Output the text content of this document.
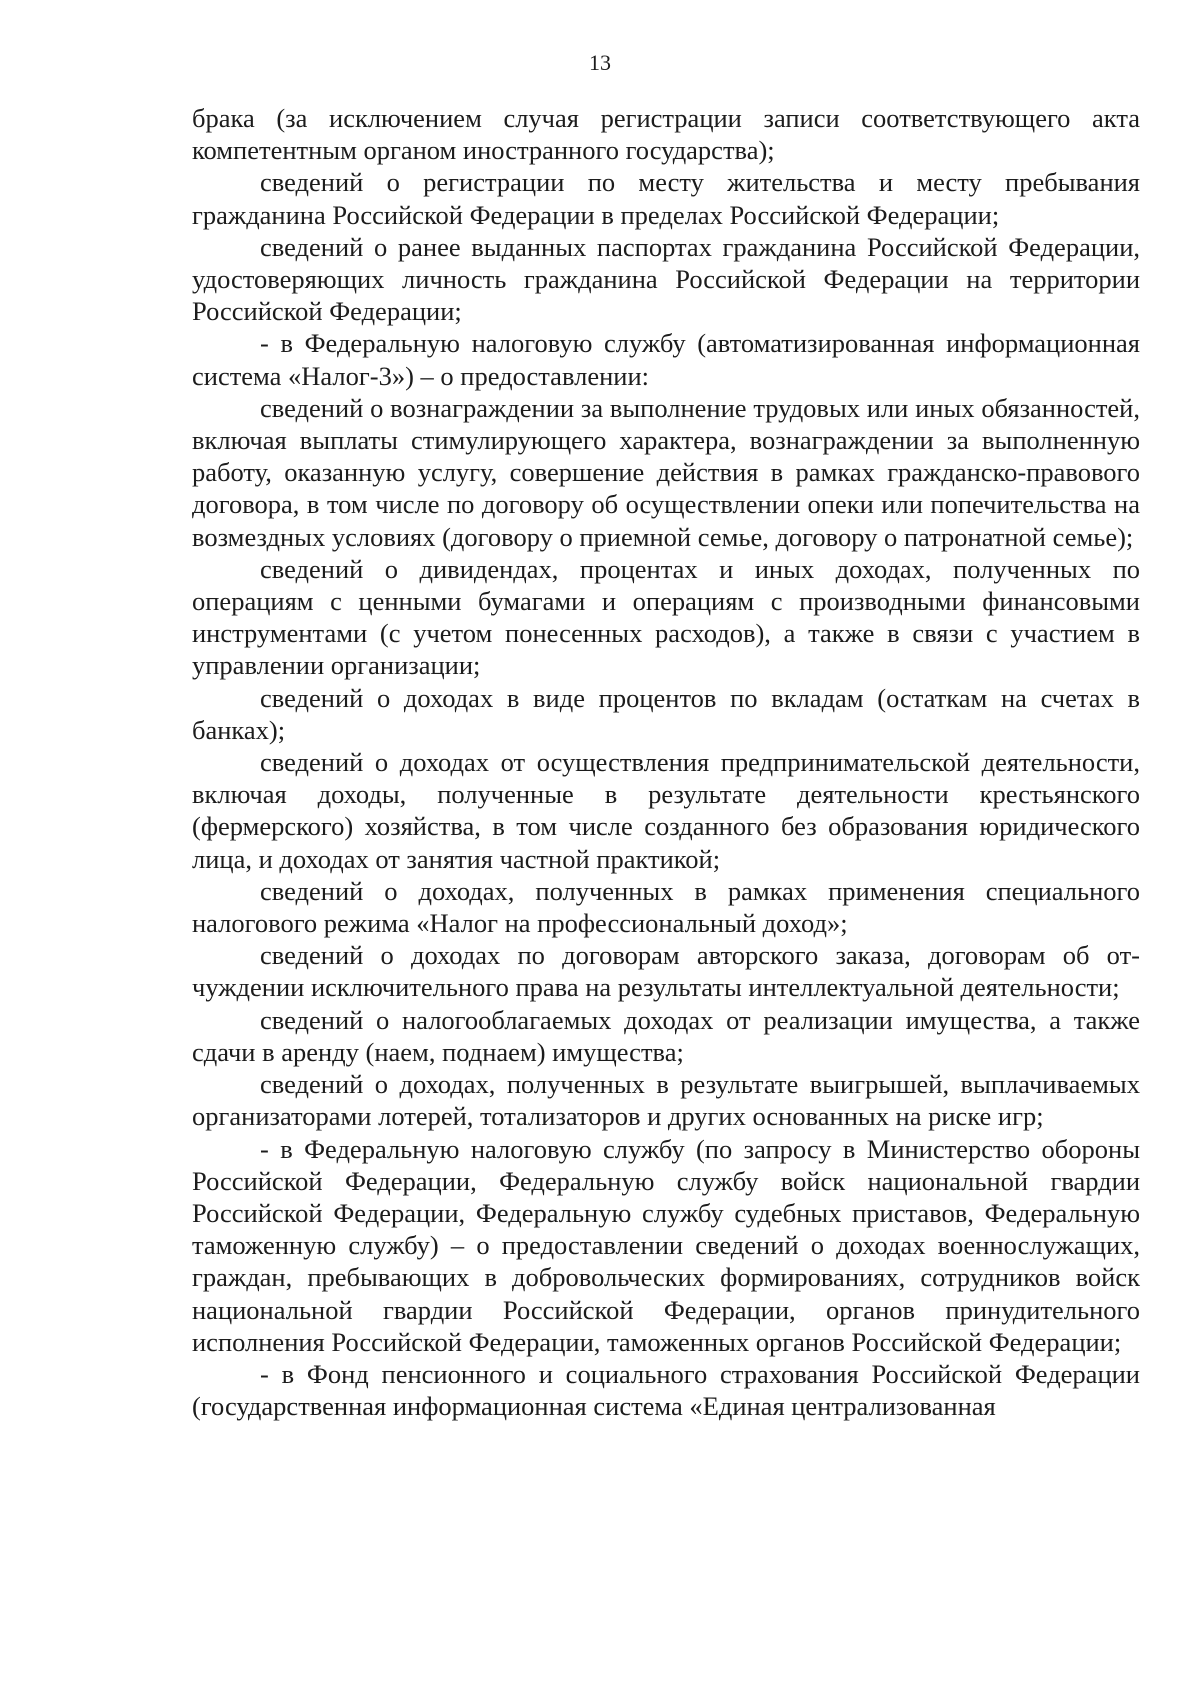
13

брака (за исключением случая регистрации записи соответствующего акта компетентным органом иностранного государства);

сведений о регистрации по месту жительства и месту пребывания гражданина Российской Федерации в пределах Российской Федерации;

сведений о ранее выданных паспортах гражданина Российской Федерации, удостоверяющих личность гражданина Российской Федерации на территории Российской Федерации;

- в Федеральную налоговую службу (автоматизированная информационная система «Налог-3») – о предоставлении:

сведений о вознаграждении за выполнение трудовых или иных обязанностей, включая выплаты стимулирующего характера, вознаграждении за выполненную работу, оказанную услугу, совершение действия в рамках гражданско-правового договора, в том числе по договору об осуществлении опеки или попечительства на возмездных условиях (договору о приемной семье, договору о патронатной семье);

сведений о дивидендах, процентах и иных доходах, полученных по операциям с ценными бумагами и операциям с производными финансовыми инструментами (с учетом понесенных расходов), а также в связи с участием в управлении организации;

сведений о доходах в виде процентов по вкладам (остаткам на счетах в банках);

сведений о доходах от осуществления предпринимательской деятельности, включая доходы, полученные в результате деятельности крестьянского (фермерского) хозяйства, в том числе созданного без образования юридического лица, и доходах от занятия частной практикой;

сведений о доходах, полученных в рамках применения специального налогового режима «Налог на профессиональный доход»;

сведений о доходах по договорам авторского заказа, договорам об отчуждении исключительного права на результаты интеллектуальной деятельности;

сведений о налогооблагаемых доходах от реализации имущества, а также сдачи в аренду (наем, поднаем) имущества;

сведений о доходах, полученных в результате выигрышей, выплачиваемых организаторами лотерей, тотализаторов и других основанных на риске игр;

- в Федеральную налоговую службу (по запросу в Министерство обороны Российской Федерации, Федеральную службу войск национальной гвардии Российской Федерации, Федеральную службу судебных приставов, Федеральную таможенную службу) – о предоставлении сведений о доходах военнослужащих, граждан, пребывающих в добровольческих формированиях, сотрудников войск национальной гвардии Российской Федерации, органов принудительного исполнения Российской Федерации, таможенных органов Российской Федерации;

- в Фонд пенсионного и социального страхования Российской Федерации (государственная информационная система «Единая централизованная
